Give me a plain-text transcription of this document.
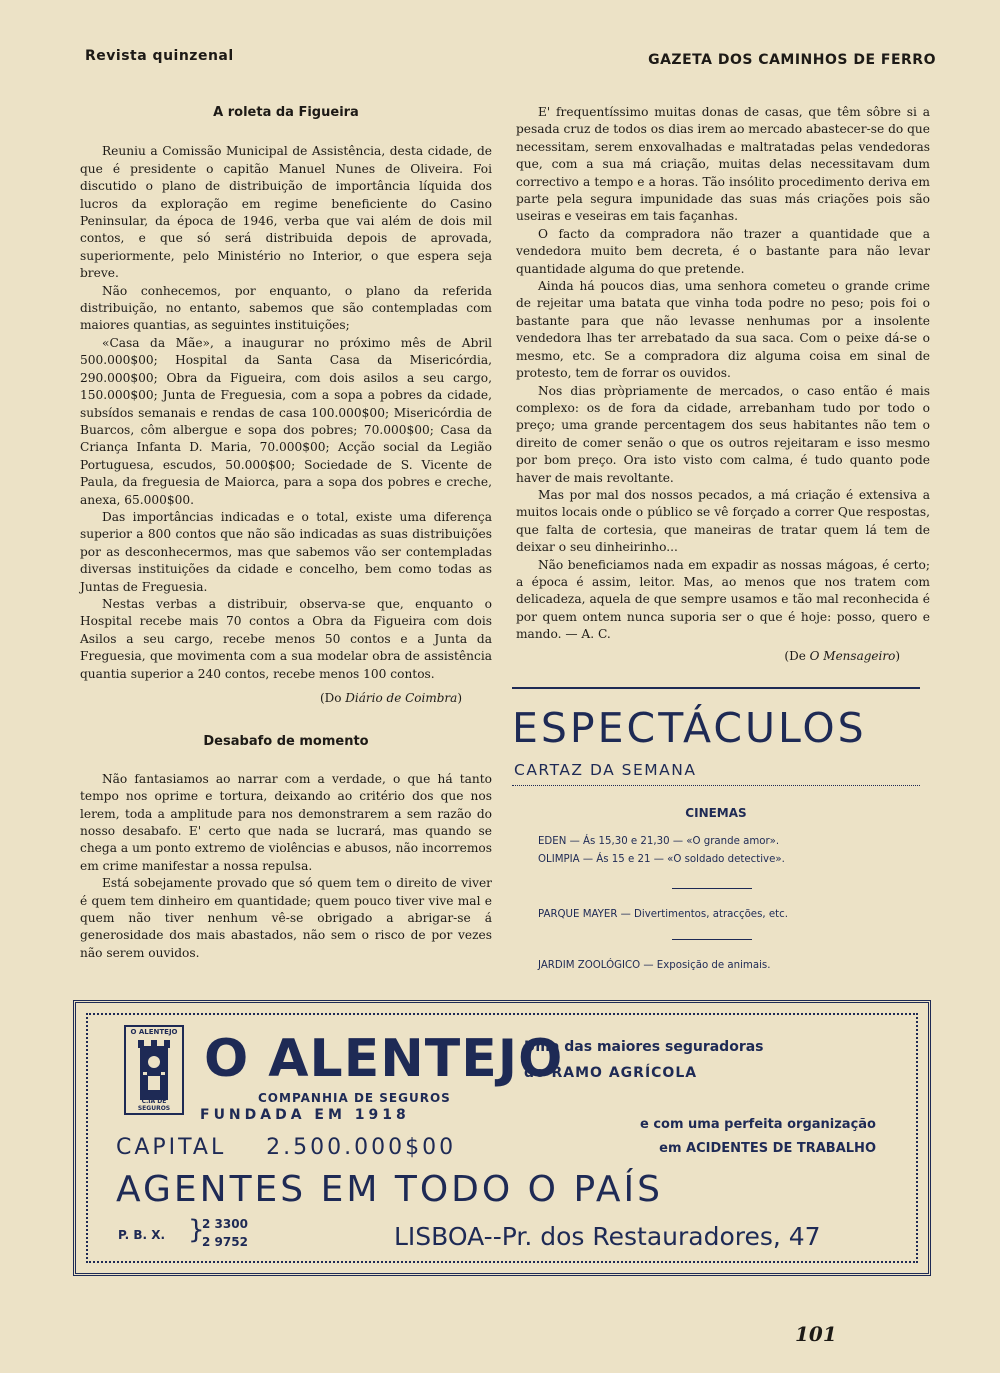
Revista quinzenal	GAZETA DOS CAMINHOS DE FERRO
A roleta da Figueira

Reuniu a Comissão Municipal de Assistência, desta cidade, de que é presidente o capitão Manuel Nunes de Oliveira. Foi discutido o plano de distribuição de importância líquida dos lucros da exploração em regime beneficiente do Casino Peninsular, da época de 1946, verba que vai além de dois mil contos, e que só será distribuida depois de aprovada, superiormente, pelo Ministério no Interior, o que espera seja breve.

Não conhecemos, por enquanto, o plano da referida distribuição, no entanto, sabemos que são contempladas com maiores quantias, as seguintes instituições;

«Casa da Mãe», a inaugurar no próximo mês de Abril 500.000$00; Hospital da Santa Casa da Misericórdia, 290.000$00; Obra da Figueira, com dois asilos a seu cargo, 150.000$00; Junta de Freguesia, com a sopa a pobres da cidade, subsídos semanais e rendas de casa 100.000$00; Misericórdia de Buarcos, côm albergue e sopa dos pobres; 70.000$00; Casa da Criança Infanta D. Maria, 70.000$00; Acção social da Legião Portuguesa, escudos, 50.000$00; Sociedade de S. Vicente de Paula, da freguesia de Maiorca, para a sopa dos pobres e creche, anexa, 65.000$00.

Das importâncias indicadas e o total, existe uma diferença superior a 800 contos que não são indicadas as suas distribuições por as desconhecermos, mas que sabemos vão ser contempladas diversas instituições da cidade e concelho, bem como todas as Juntas de Freguesia.

Nestas verbas a distribuir, observa-se que, enquanto o Hospital recebe mais 70 contos a Obra da Figueira com dois Asilos a seu cargo, recebe menos 50 contos e a Junta da Freguesia, que movimenta com a sua modelar obra de assistência quantia superior a 240 contos, recebe menos 100 contos.

(Do Diário de Coimbra)
Desabafo de momento

Não fantasiamos ao narrar com a verdade, o que há tanto tempo nos oprime e tortura, deixando ao critério dos que nos lerem, toda a amplitude para nos demonstrarem a sem razão do nosso desabafo. E' certo que nada se lucrará, mas quando se chega a um ponto extremo de violências e abusos, não incorremos em crime manifestar a nossa repulsa.

Está sobejamente provado que só quem tem o direito de viver é quem tem dinheiro em quantidade; quem pouco tiver vive mal e quem não tiver nenhum vê-se obrigado a abrigar-se á generosidade dos mais abastados, não sem o risco de por vezes não serem ouvidos.

E' frequentíssimo muitas donas de casas, que têm sôbre si a pesada cruz de todos os dias irem ao mercado abastecer-se do que necessitam, serem enxovalhadas e maltratadas pelas vendedoras que, com a sua má criação, muitas delas necessitavam dum correctivo a tempo e a horas. Tão insólito procedimento deriva em parte pela segura impunidade das suas más criações pois são useiras e veseiras em tais façanhas.

O facto da compradora não trazer a quantidade que a vendedora muito bem decreta, é o bastante para não levar quantidade alguma do que pretende.

Ainda há poucos dias, uma senhora cometeu o grande crime de rejeitar uma batata que vinha toda podre no peso; pois foi o bastante para que não levasse nenhumas por a insolente vendedora lhas ter arrebatado da sua saca. Com o peixe dá-se o mesmo, etc. Se a compradora diz alguma coisa em sinal de protesto, tem de forrar os ouvidos.

Nos dias pròpriamente de mercados, o caso então é mais complexo: os de fora da cidade, arrebanham tudo por todo o preço; uma grande percentagem dos seus habitantes não tem o direito de comer senão o que os outros rejeitaram e isso mesmo por bom preço. Ora isto visto com calma, é tudo quanto pode haver de mais revoltante.

Mas por mal dos nossos pecados, a má criação é extensiva a muitos locais onde o público se vê forçado a correr Que respostas, que falta de cortesia, que maneiras de tratar quem lá tem de deixar o seu dinheirinho...

Não beneficiamos nada em expadir as nossas mágoas, é certo; a época é assim, leitor. Mas, ao menos que nos tratem com delicadeza, aquela de que sempre usamos e tão mal reconhecida é por quem ontem nunca suporia ser o que é hoje: posso, quero e mando. — A. C.

(De O Mensageiro)
ESPECTÁCULOS
CARTAZ DA SEMANA
CINEMAS
EDEN — Ás 15,30 e 21,30 — «O grande amor».
OLIMPIA — Ás 15 e 21 — «O soldado detective».
PARQUE MAYER — Divertimentos, atracções, etc.
JARDIM ZOOLÓGICO — Exposição de animais.
O ALENTEJO
C.IA DE SEGUROS
O ALENTEJO
COMPANHIA DE SEGUROS
FUNDADA EM 1918
Uma das maiores seguradoras
do RAMO AGRÍCOLA
e com uma perfeita organização
em ACIDENTES DE TRABALHO
CAPITAL    2.500.000$00
AGENTES EM TODO O PAÍS
P. B. X. }
2 3300
2 9752	LISBOA--Pr. dos Restauradores, 47
101
